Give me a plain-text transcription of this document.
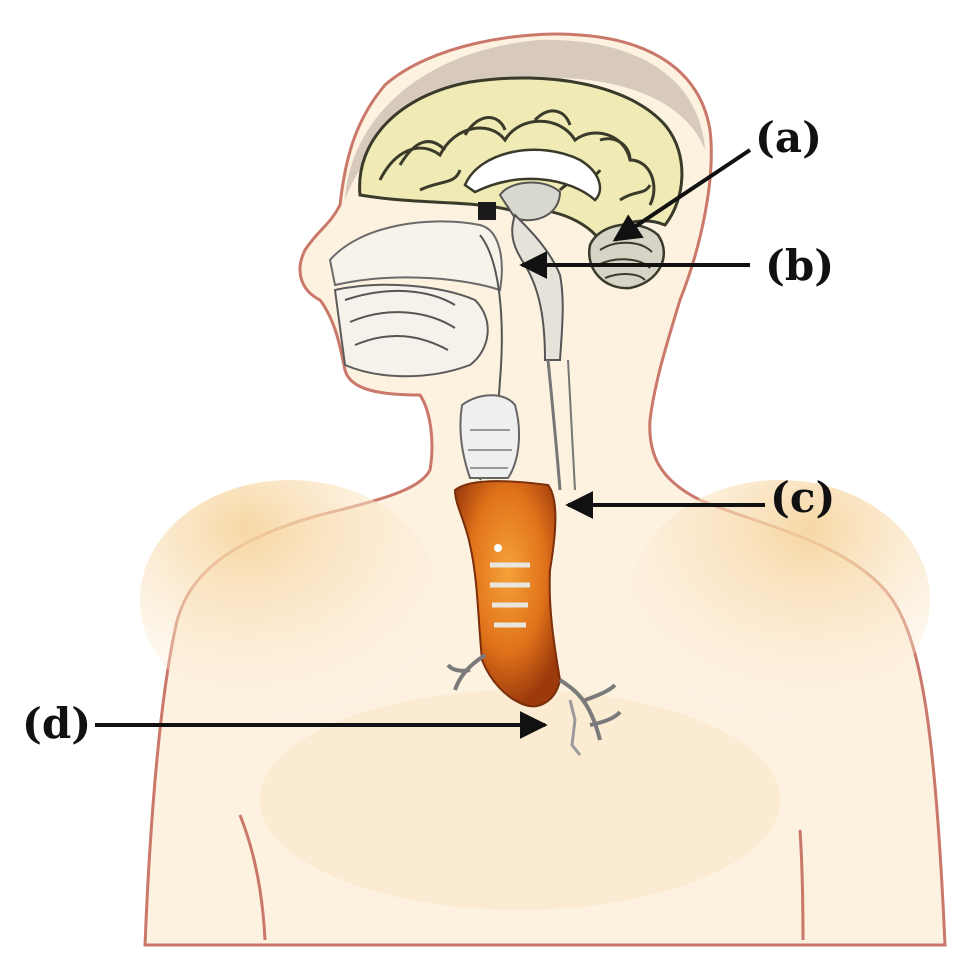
(a)
(b)
(c)
(d)
